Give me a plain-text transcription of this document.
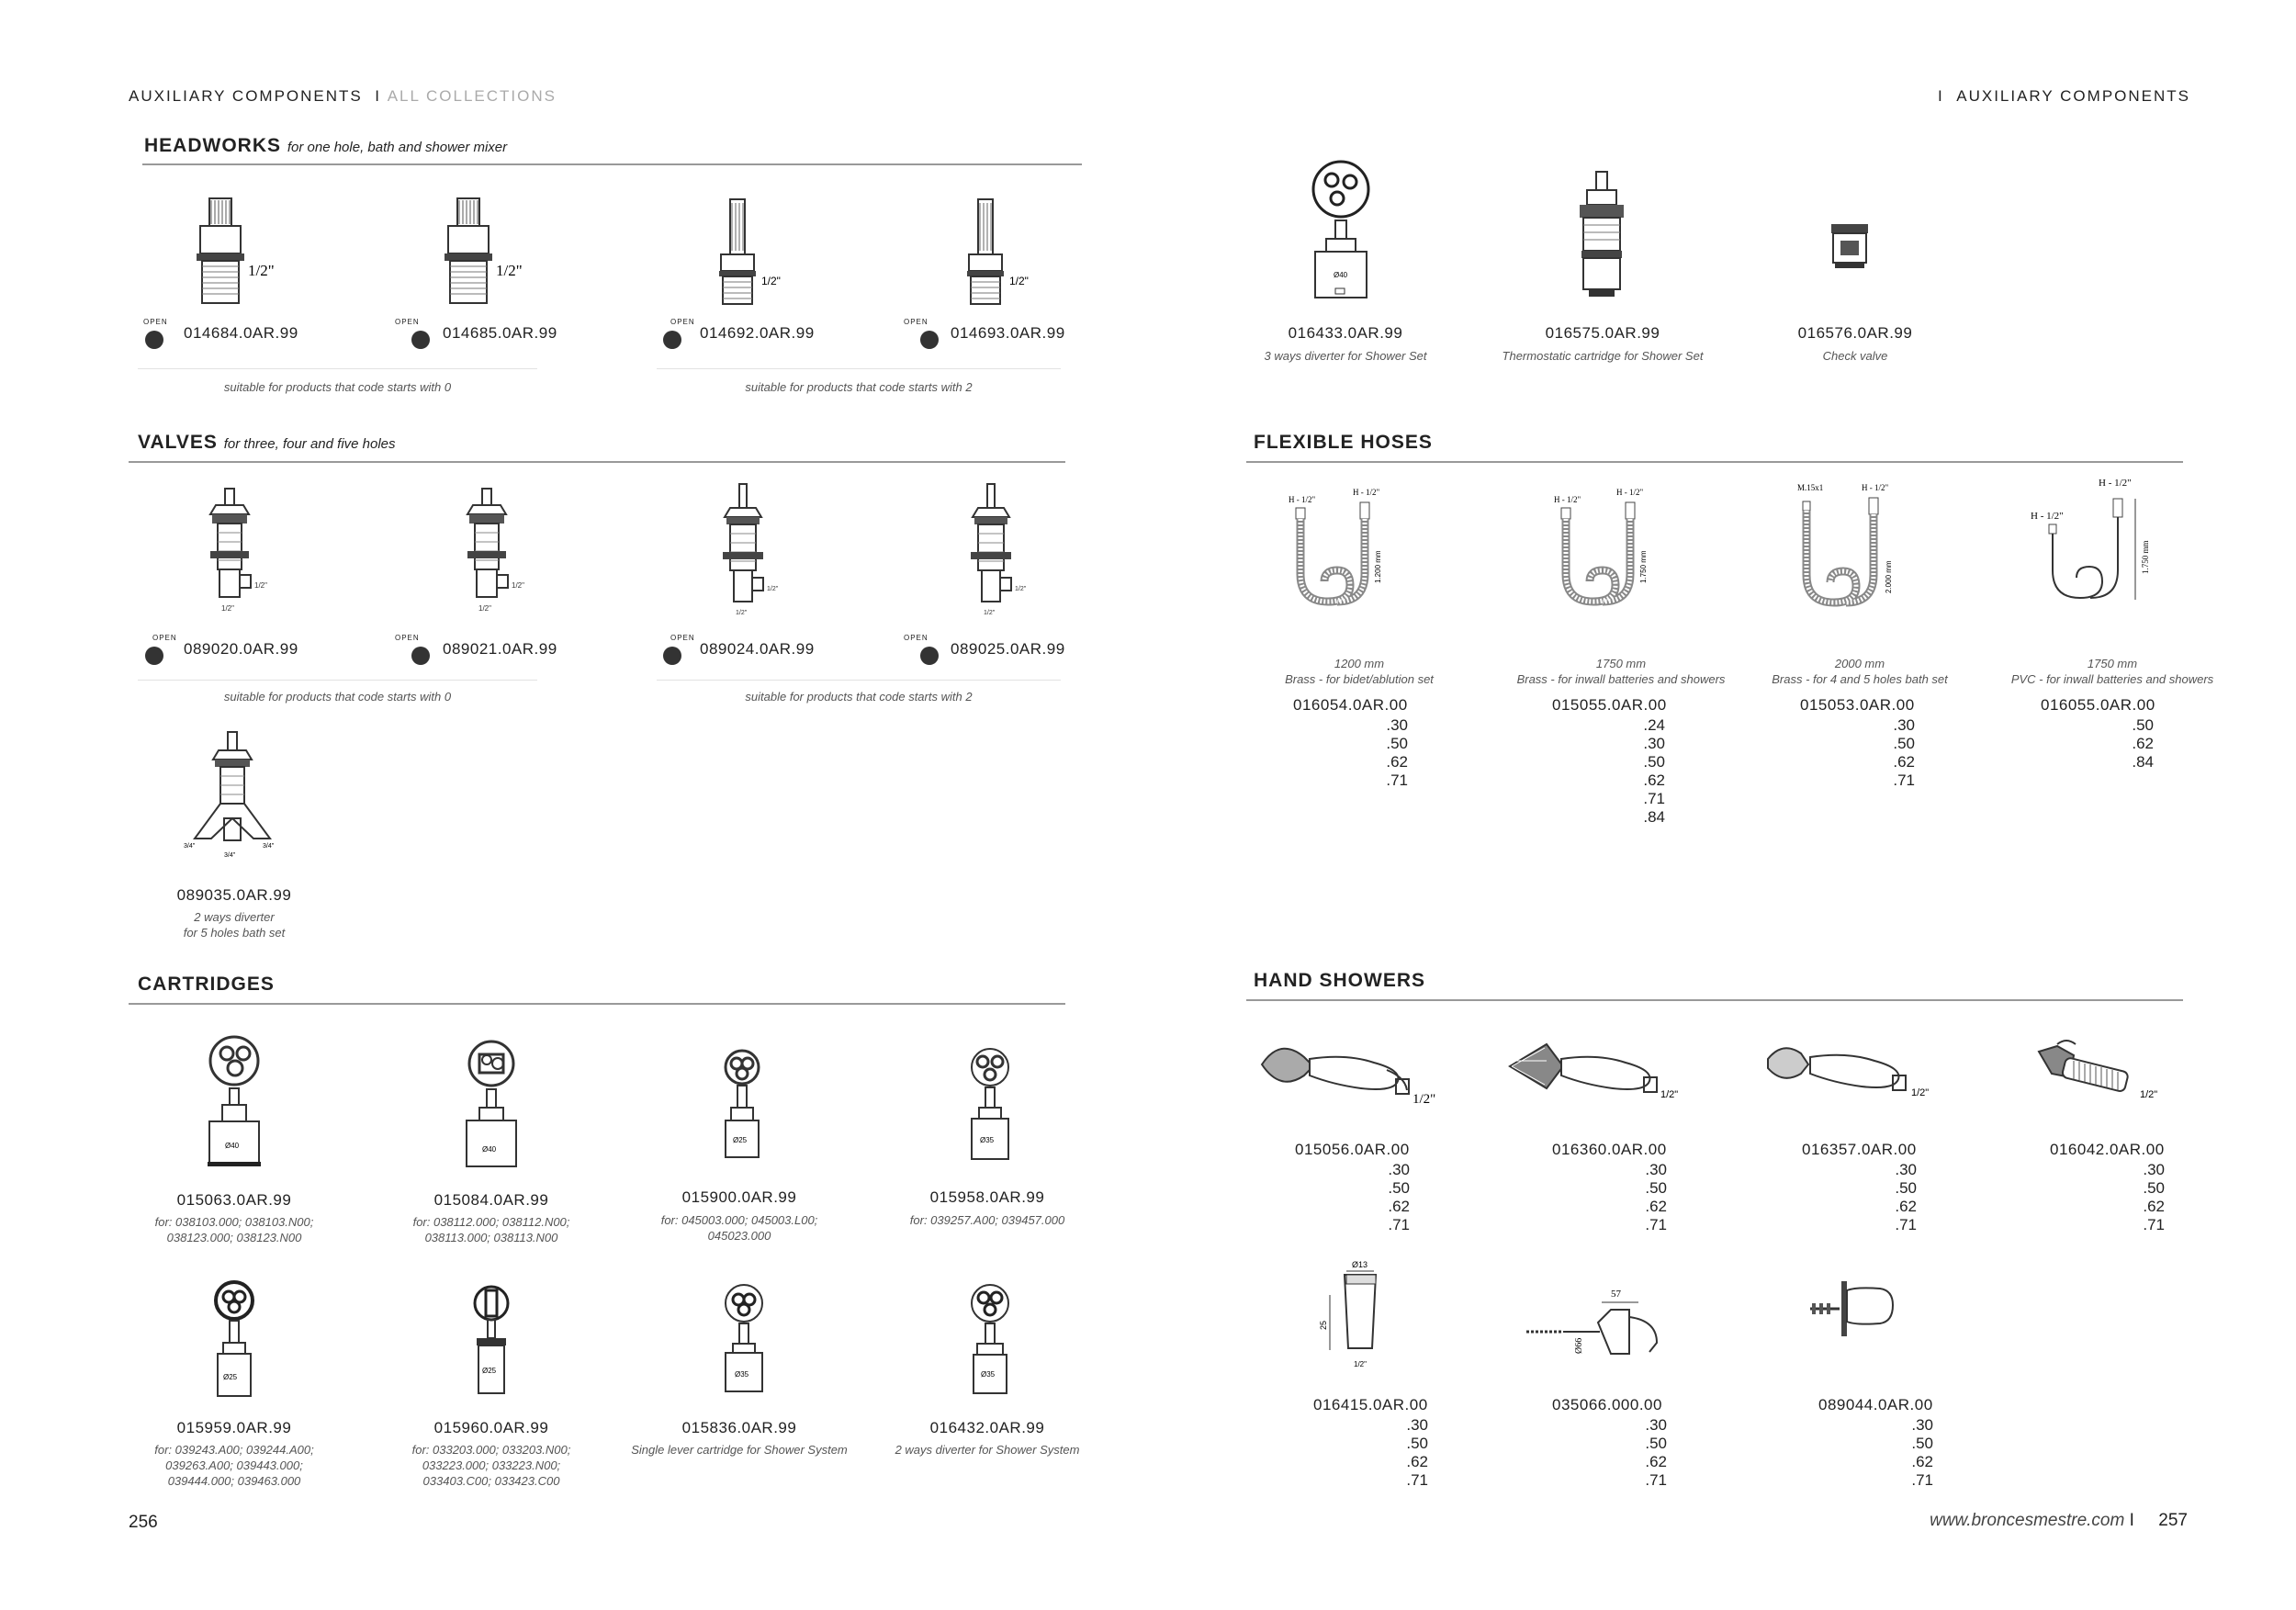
AUXILIARY COMPONENTS I ALL COLLECTIONS	I AUXILIARY COMPONENTS
HEADWORKS for one hole, bath and shower mixer
1/2"	1/2"
1/2"	1/2"
OPEN
014684.0AR.99
OPEN
014685.0AR.99
OPEN
014692.0AR.99
OPEN
014693.0AR.99
suitable for products that code starts with 0	suitable for products that code starts with 2
VALVES for three, four and five holes
1/2"
1/2"
1/2"
1/2"
1/2"
1/2"
1/2"
1/2"
OPEN
089020.0AR.99
OPEN
089021.0AR.99
OPEN
089024.0AR.99
OPEN
089025.0AR.99
suitable for products that code starts with 0	suitable for products that code starts with 2
3/4"	3/4"
3/4"
089035.0AR.99
2 ways diverter
for 5 holes bath set
CARTRIDGES
Ø40	Ø40
Ø25	Ø35
015063.0AR.99
for: 038103.000; 038103.N00;
038123.000; 038123.N00
015084.0AR.99
for: 038112.000; 038112.N00;
038113.000; 038113.N00
015900.0AR.99
for: 045003.000; 045003.L00;
045023.000
015958.0AR.99
for: 039257.A00; 039457.000
Ø25
Ø25	Ø35	Ø35
015959.0AR.99
for: 039243.A00; 039244.A00;
039263.A00; 039443.000;
039444.000; 039463.000
015960.0AR.99
for: 033203.000; 033203.N00;
033223.000; 033223.N00;
033403.C00; 033423.C00
015836.0AR.99
Single lever cartridge for Shower System
016432.0AR.99
2 ways diverter for Shower System
Ø40
016433.0AR.99
3 ways diverter for Shower Set
016575.0AR.99
Thermostatic cartridge for Shower Set
016576.0AR.99
Check valve
FLEXIBLE HOSES
H - 1/2"
H - 1/2"
1.200 mm
H - 1/2"
H - 1/2"
1.750 mm
M.15x1	H - 1/2"
2.000 mm
H - 1/2"
H - 1/2"
1.750 mm
1200 mm
Brass - for bidet/ablution set
1750 mm
Brass - for inwall batteries and showers
2000 mm
Brass - for 4 and 5 holes bath set
1750 mm
PVC - for inwall batteries and showers
016054.0AR.00
.30
.50
.62
.71
015055.0AR.00
.24
.30
.50
.62
.71
.84
015053.0AR.00
.30
.50
.62
.71
016055.0AR.00
.50
.62
.84
HAND SHOWERS
1/2"	1/2"	1/2"	1/2"
015056.0AR.00
.30
.50
.62
.71
016360.0AR.00
.30
.50
.62
.71
016357.0AR.00
.30
.50
.62
.71
016042.0AR.00
.30
.50
.62
.71
Ø13
25
1/2"
57
Ø66
016415.0AR.00
.30
.50
.62
.71
035066.000.00
.30
.50
.62
.71
089044.0AR.00
.30
.50
.62
.71
256	www.broncesmestre.com I 257
